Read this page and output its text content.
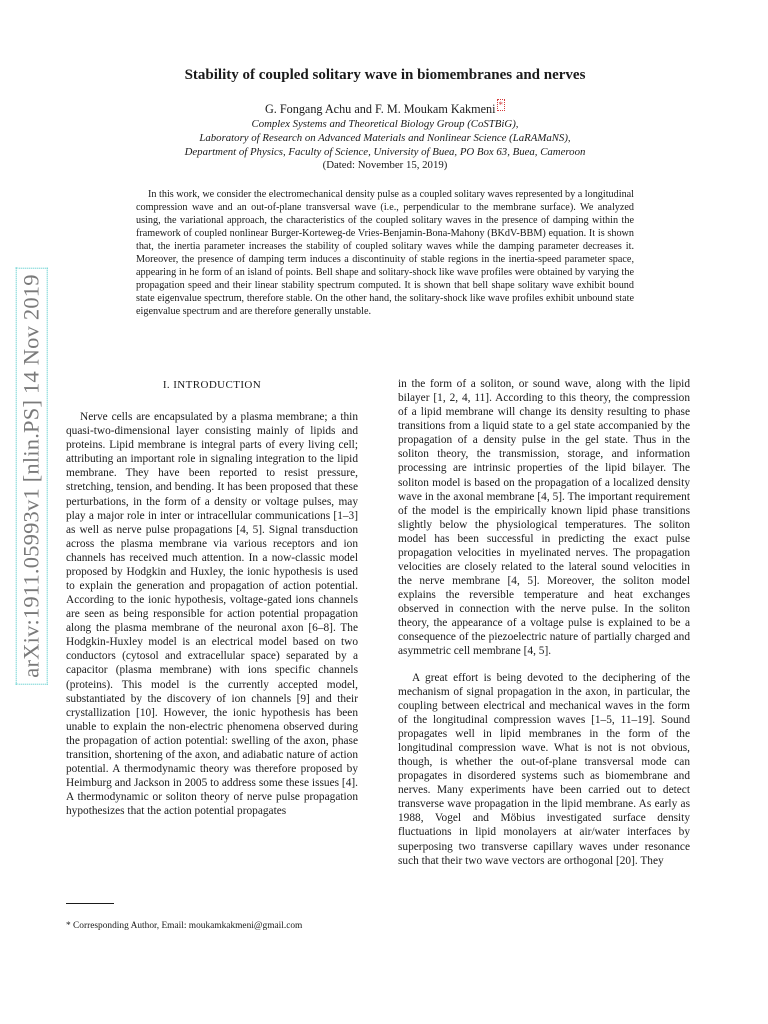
arXiv:1911.05993v1 [nlin.PS] 14 Nov 2019
Stability of coupled solitary wave in biomembranes and nerves
G. Fongang Achu and F. M. Moukam Kakmeni *
Complex Systems and Theoretical Biology Group (CoSTBiG),
Laboratory of Research on Advanced Materials and Nonlinear Science (LaRAMaNS),
Department of Physics, Faculty of Science, University of Buea, PO Box 63, Buea, Cameroon
(Dated: November 15, 2019)
In this work, we consider the electromechanical density pulse as a coupled solitary waves represented by a longitudinal compression wave and an out-of-plane transversal wave (i.e., perpendicular to the membrane surface). We analyzed using, the variational approach, the characteristics of the coupled solitary waves in the presence of damping within the framework of coupled nonlinear Burger-Korteweg-de Vries-Benjamin-Bona-Mahony (BKdV-BBM) equation. It is shown that, the inertia parameter increases the stability of coupled solitary waves while the damping parameter decreases it. Moreover, the presence of damping term induces a discontinuity of stable regions in the inertia-speed parameter space, appearing in he form of an island of points. Bell shape and solitary-shock like wave profiles were obtained by varying the propagation speed and their linear stability spectrum computed. It is shown that bell shape solitary wave exhibit bound state eigenvalue spectrum, therefore stable. On the other hand, the solitary-shock like wave profiles exhibit unbound state eigenvalue spectrum and are therefore generally unstable.
I. INTRODUCTION

Nerve cells are encapsulated by a plasma membrane; a thin quasi-two-dimensional layer consisting mainly of lipids and proteins. Lipid membrane is integral parts of every living cell; attributing an important role in signaling integration to the lipid membrane. They have been reported to resist pressure, stretching, tension, and bending. It has been proposed that these perturbations, in the form of a density or voltage pulses, may play a major role in inter or intracellular communications [1–3] as well as nerve pulse propagations [4, 5]. Signal transduction across the plasma membrane via various receptors and ion channels has received much attention. In a now-classic model proposed by Hodgkin and Huxley, the ionic hypothesis is used to explain the generation and propagation of action potential. According to the ionic hypothesis, voltage-gated ions channels are seen as being responsible for action potential propagation along the plasma membrane of the neuronal axon [6–8]. The Hodgkin-Huxley model is an electrical model based on two conductors (cytosol and extracellular space) separated by a capacitor (plasma membrane) with ions specific channels (proteins). This model is the currently accepted model, substantiated by the discovery of ion channels [9] and their crystallization [10]. However, the ionic hypothesis has been unable to explain the non-electric phenomena observed during the propagation of action potential: swelling of the axon, phase transition, shortening of the axon, and adiabatic nature of action potential. A thermodynamic theory was therefore proposed by Heimburg and Jackson in 2005 to address some these issues [4]. A thermodynamic or soliton theory of nerve pulse propagation hypothesizes that the action potential propagates

in the form of a soliton, or sound wave, along with the lipid bilayer [1, 2, 4, 11]. According to this theory, the compression of a lipid membrane will change its density resulting to phase transitions from a liquid state to a gel state accompanied by the propagation of a density pulse in the gel state. Thus in the soliton theory, the transmission, storage, and information processing are intrinsic properties of the lipid bilayer. The soliton model is based on the propagation of a localized density wave in the axonal membrane [4, 5]. The important requirement of the model is the empirically known lipid phase transitions slightly below the physiological temperatures. The soliton model has been successful in predicting the exact pulse propagation velocities in myelinated nerves. The propagation velocities are closely related to the lateral sound velocities in the nerve membrane [4, 5]. Moreover, the soliton model explains the reversible temperature and heat exchanges observed in connection with the nerve pulse. In the soliton theory, the appearance of a voltage pulse is explained to be a consequence of the piezoelectric nature of partially charged and asymmetric cell membrane [4, 5].

A great effort is being devoted to the deciphering of the mechanism of signal propagation in the axon, in particular, the coupling between electrical and mechanical waves in the form of the longitudinal compression waves [1–5, 11–19]. Sound propagates well in lipid membranes in the form of the longitudinal compression wave. What is not is not obvious, though, is whether the out-of-plane transversal mode can propagates in disordered systems such as biomembrane and nerves. Many experiments have been carried out to detect transverse wave propagation in the lipid membrane. As early as 1988, Vogel and Möbius investigated surface density fluctuations in lipid monolayers at air/water interfaces by superposing two transverse capillary waves under resonance such that their two wave vectors are orthogonal [20]. They

* Corresponding Author, Email: moukamkakmeni@gmail.com
